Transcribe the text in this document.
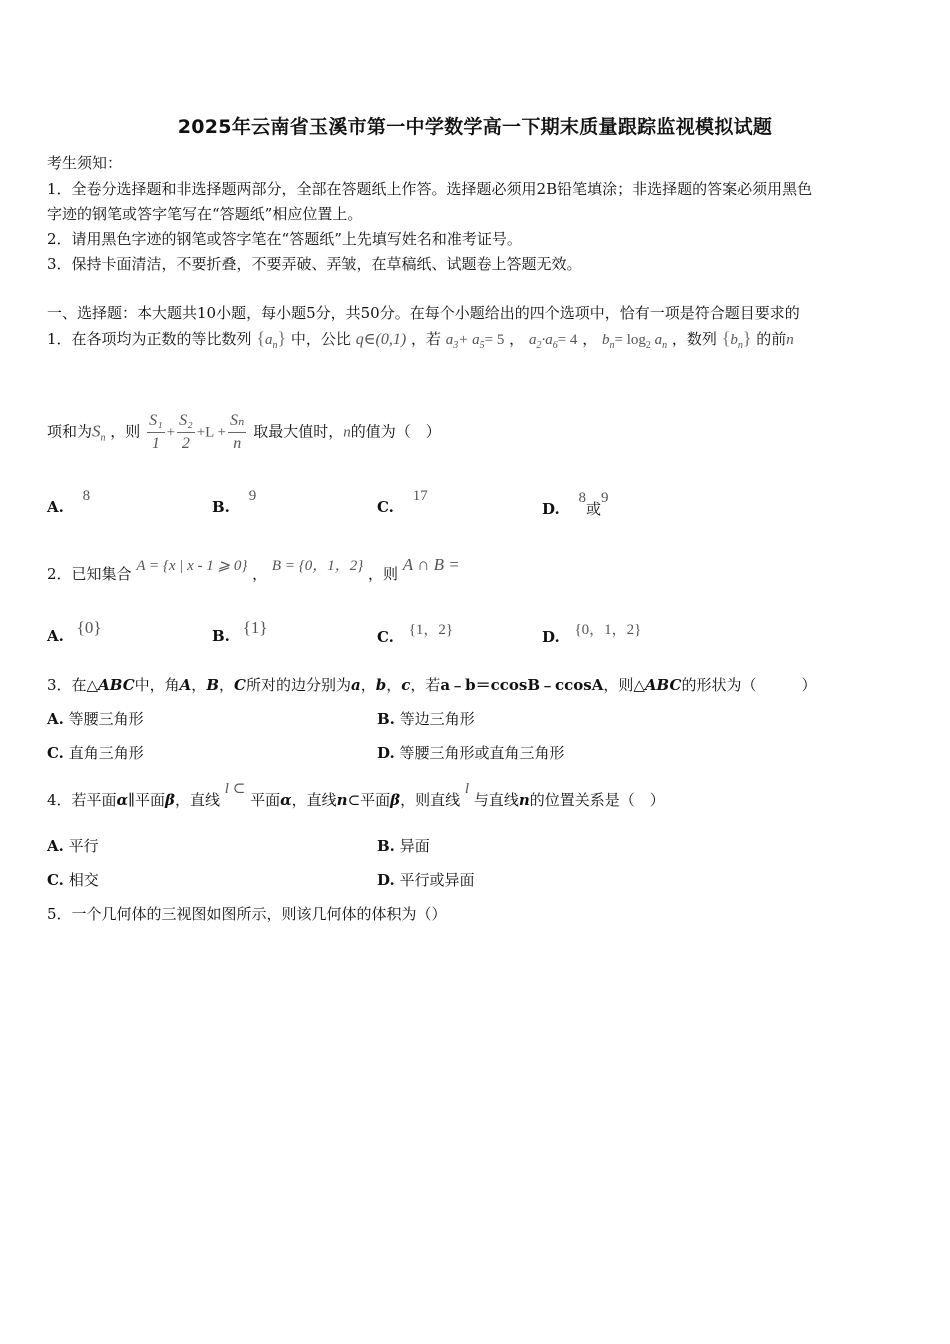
2025年云南省玉溪市第一中学数学高一下期末质量跟踪监视模拟试题
考生须知：
1．全卷分选择题和非选择题两部分，全部在答题纸上作答。选择题必须用2B铅笔填涂；非选择题的答案必须用黑色
字迹的钢笔或答字笔写在“答题纸”相应位置上。
2．请用黑色字迹的钢笔或答字笔在“答题纸”上先填写姓名和准考证号。
3．保持卡面清洁，不要折叠，不要弄破、弄皱，在草稿纸、试题卷上答题无效。
一、选择题：本大题共10小题，每小题5分，共50分。在每个小题给出的四个选项中，恰有一项是符合题目要求的
1．在各项均为正数的等比数列 $\{a_n\}$ 中，公比 q∈(0,1) ，若 $a_3+ a_5= 5$ ， $a_2\cdot a_6= 4$ ， $b_n= \log_2 a_n$ ，数列 $\{b_n\}$ 的前n
项和为$S_n$ ，则 $\frac{\text{S₁}}{1} + \frac{\text{S₂}}{2} +L + \frac{\text{Sₙ}}{n}$ 取最大值时，n的值为（　）
A. 8
B. 9
C. 17
D. 8或9
2．已知集合 A = {x | x - 1 ⩾ 0} ， B = {0，1，2} ，则 A ∩ B =
A. {0}	B. {1}	C. {1，2}	D. {0，1，2}
3．在△ABC中，角A，B，C所对的边分别为a，b，c，若a﹣b＝ccosB﹣ccosA，则△ABC的形状为（　　　）
A. 等腰三角形	B. 等边三角形
C. 直角三角形	D. 等腰三角形或直角三角形
4．若平面α∥平面β，直线 l ⊂ 平面α，直线n⊂平面β，则直线 l 与直线n的位置关系是（　）
A. 平行	B. 异面
C. 相交	D. 平行或异面
5．一个几何体的三视图如图所示，则该几何体的体积为（）
